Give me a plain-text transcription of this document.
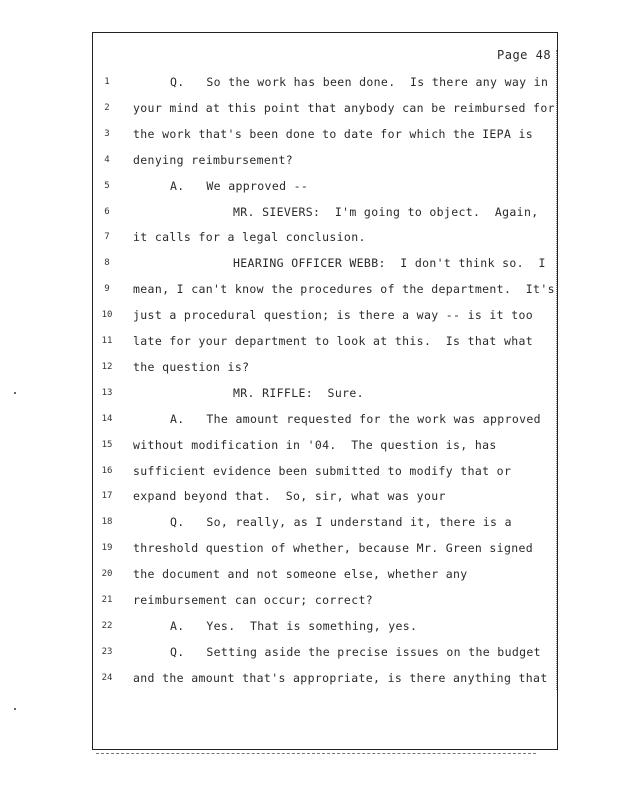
Page 48
1	Q.   So the work has been done.  Is there any way in
2	your mind at this point that anybody can be reimbursed for
3	the work that's been done to date for which the IEPA is
4	denying reimbursement?
5	A.   We approved --
6	MR. SIEVERS:  I'm going to object.  Again,
7	it calls for a legal conclusion.
8	HEARING OFFICER WEBB:  I don't think so.  I
9	mean, I can't know the procedures of the department.  It's
10 just a procedural question; is there a way -- is it too
11 late for your department to look at this.  Is that what
12 the question is?
13	MR. RIFFLE:  Sure.
14	A.   The amount requested for the work was approved
15 without modification in '04.  The question is, has
16 sufficient evidence been submitted to modify that or
17 expand beyond that.  So, sir, what was your
18	Q.   So, really, as I understand it, there is a
19 threshold question of whether, because Mr. Green signed
20 the document and not someone else, whether any
21 reimbursement can occur; correct?
22	A.   Yes.  That is something, yes.
23	Q.   Setting aside the precise issues on the budget
24 and the amount that's appropriate, is there anything that
